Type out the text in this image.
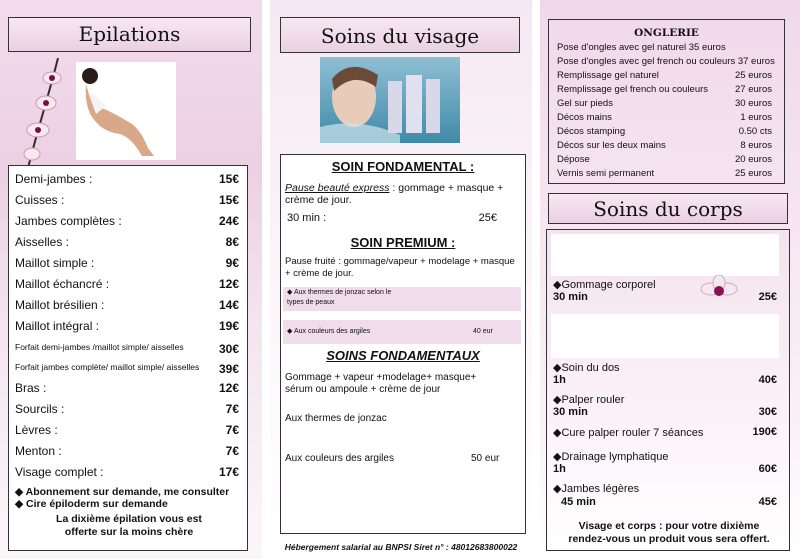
Epilations
Demi-jambes :	15€
Cuisses :	15€
Jambes complètes :	24€
Aisselles :	8€
Maillot simple :	9€
Maillot échancré :	12€
Maillot brésilien :	14€
Maillot intégral :	19€
Forfait demi-jambes /maillot simple/ aisselles	30€
Forfait jambes complète/ maillot simple/ aisselles 39€
Bras :	12€
Sourcils :	7€
Lèvres :	7€
Menton :	7€
Visage complet :	17€
◆ Abonnement sur demande, me consulter
◆ Cire épiloderm sur demande
La dixième épilation vous est offerte sur la moins chère
Soins du visage
SOIN FONDAMENTAL :
Pause beauté express : gommage + masque + crème de jour.
30 min :	25€
SOIN PREMIUM :
Pause fruité : gommage/vapeur + modelage + masque + crème de jour.
◆ Aux thermes de jonzac selon le types de peaux
◆ Aux couleurs des argiles	40 eur
SOINS FONDAMENTAUX
Gommage + vapeur +modelage+ masque+ sérum ou ampoule + crème de jour
Aux thermes de jonzac
Aux couleurs des argiles	50 eur
Hébergement salarial au BNPSI Siret n° : 48012683800022
ONGLERIE
Pose d'ongles avec gel naturel 35 euros
Pose d'ongles avec gel french ou couleurs 37 euros
Remplissage gel naturel	25 euros
Remplissage gel french ou couleurs	27 euros
Gel sur pieds	30 euros
Décos mains	1 euros
Décos stamping	0.50 cts
Décos sur les deux mains	8 euros
Dépose	20 euros
Vernis semi permanent	25 euros
Soins du corps
◆Gommage corporel
30 min	25€
◆Soin du dos
1h	40€
◆Palper rouler
30 min	30€
◆Cure palper rouler 7 séances	190€
◆Drainage lymphatique
1h	60€
◆Jambes légères
45 min	45€
Visage et corps : pour votre dixième rendez-vous un produit vous sera offert.
